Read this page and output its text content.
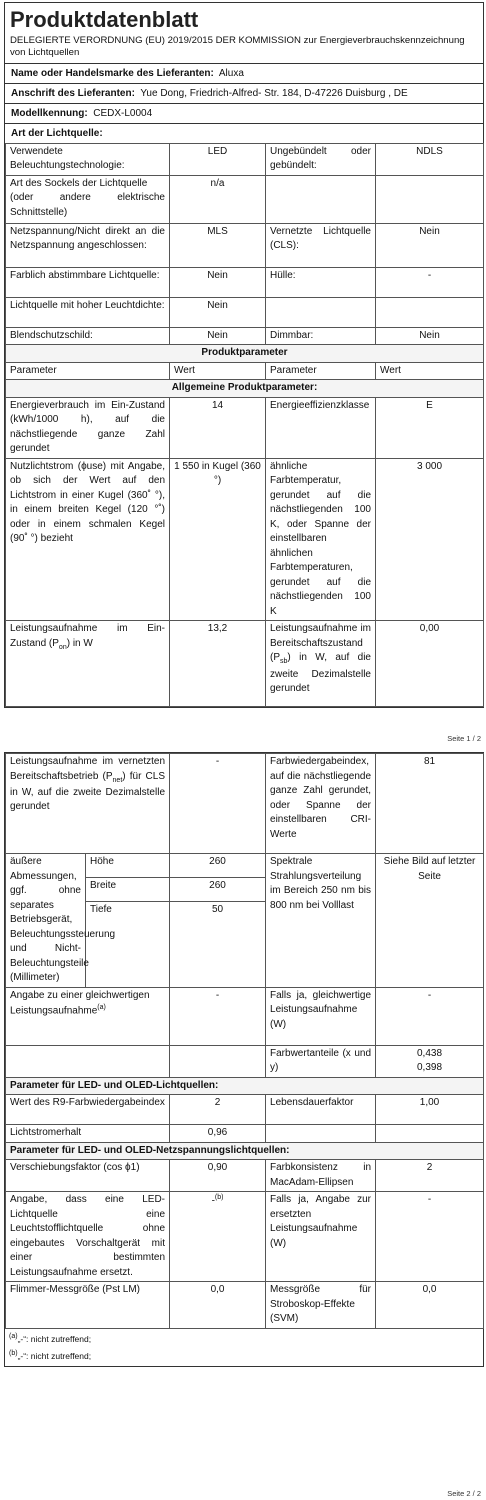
Produktdatenblatt
DELEGIERTE VERORDNUNG (EU) 2019/2015 DER KOMMISSION zur Energieverbrauchskennzeichnung von Lichtquellen
Name oder Handelsmarke des Lieferanten: Aluxa
Anschrift des Lieferanten: Yue Dong, Friedrich-Alfred- Str. 184, D-47226 Duisburg , DE
Modellkennung: CEDX-L0004
Art der Lichtquelle:
Verwendete Beleuchtungstechnologie:	LED	Ungebündelt oder gebündelt:	NDLS

Art des Sockels der Lichtquelle
(oder andere elektrische Schnittstelle)	n/a		
Netzspannung/Nicht direkt an die Netzspannung angeschlossen:	MLS	Vernetzte Lichtquelle (CLS):	Nein
Farblich abstimmbare Lichtquelle:	Nein	Hülle:	-
Lichtquelle mit hoher Leuchtdichte:	Nein		
Blendschutzschild:	Nein	Dimmbar:	Nein
Produktparameter			
Parameter	Wert	Parameter	Wert
Allgemeine Produktparameter:			
Energieverbrauch im Ein-Zustand (kWh/1000 h), auf die nächstliegende ganze Zahl gerundet	14	Energieeffizienzklasse	E
Nutzlichtstrom (ϕuse) mit Angabe, ob sich der Wert auf den Lichtstrom in einer Kugel (360˚ °), in einem breiten Kegel (120 °˚) oder in einem schmalen Kegel (90˚ °) bezieht	1 550 in Kugel (360 °)	ähnliche Farbtemperatur, gerundet auf die nächstliegenden 100 K, oder Spanne der einstellbaren ähnlichen Farbtemperaturen, gerundet auf die nächstliegenden 100 K	3 000
Leistungsaufnahme im Ein-Zustand $(P_{on})$ in W	13,2	Leistungsaufnahme im Bereitschaftszustand $(P_{sb})$ in W, auf die zweite Dezimalstelle gerundet	0,00
Seite 1 / 2
Leistungsaufnahme im vernetzten Bereitschaftsbetrieb $(P_{net})$ für CLS in W, auf die zweite Dezimalstelle gerundet		-	Farbwiedergabeindex, auf die nächstliegende ganze Zahl gerundet, oder Spanne der einstellbaren CRI-Werte	81
äußere Abmessungen, ggf. ohne separates Betriebsgerät, Beleuchtungssteuerung und Nicht-Beleuchtungsteile (Millimeter)	Höhe	260	Spektrale Strahlungsverteilung im Bereich 250 nm bis 800 nm bei Volllast	Siehe Bild auf letzter Seite
	Breite	260		
	Tiefe	50		
Angabe zu einer gleichwertigen Leistungsaufnahme$^{(a)}$		-	Falls ja, gleichwertige Leistungsaufnahme (W)	-
			Farbwertanteile (x und y)	0,438
0,398

Parameter für LED- und OLED-Lichtquellen:				
Wert des R9-Farbwiedergabeindex		2	Lebensdauerfaktor	1,00
Lichtstromerhalt		0,96		
Parameter für LED- und OLED-Netzspannungslichtquellen:				
Verschiebungsfaktor (cos ϕ1)		0,90	Farbkonsistenz in MacAdam-Ellipsen	2
Angabe, dass eine LED-Lichtquelle eine Leuchtstofflichtquelle ohne eingebautes Vorschaltgerät mit einer bestimmten Leistungsaufnahme ersetzt.		-$^{(b)}$	Falls ja, Angabe zur ersetzten Leistungsaufnahme (W)	-
Flimmer-Messgröße (Pst LM)		0,0	Messgröße für Stroboskop-Effekte (SVM)	0,0
$^{(a)}$„-“: nicht zutreffend;
$^{(b)}$„-“: nicht zutreffend;
Seite 2 / 2
